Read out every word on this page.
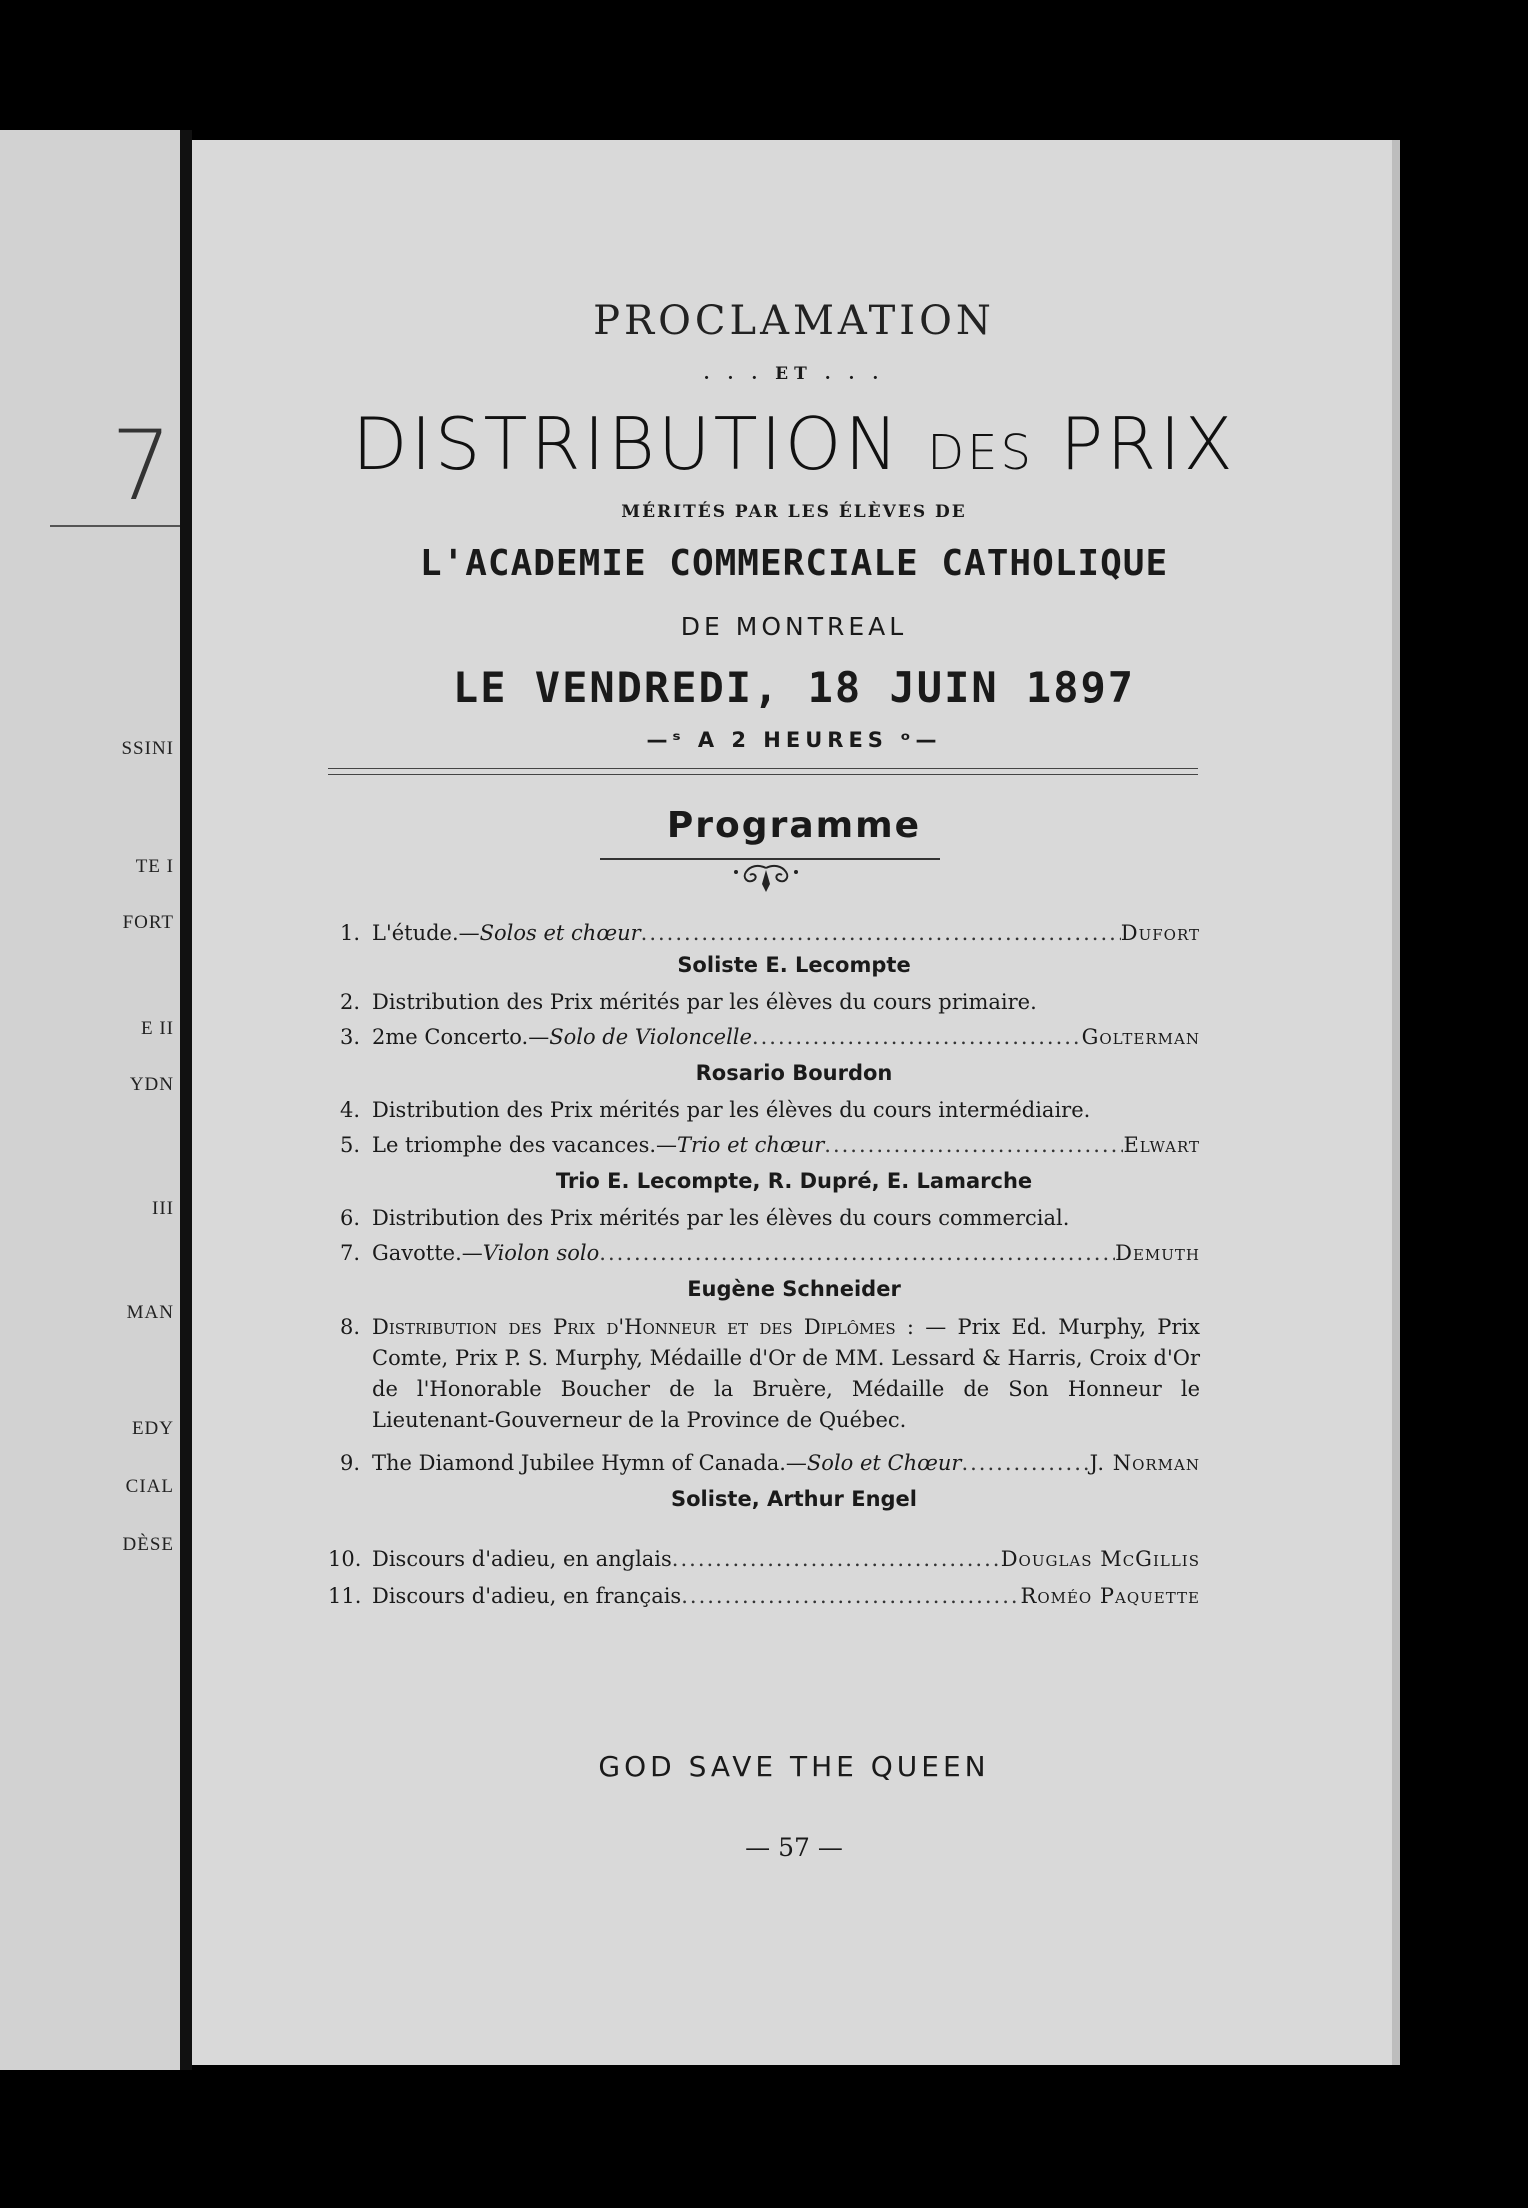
7
SSINI
TE I
FORT
E II
YDN
III
MAN
EDY
CIAL
DÈSE
PROCLAMATION
. . . ET . . .
DISTRIBUTION DES PRIX
MÉRITÉS PAR LES ÉLÈVES DE
L'ACADEMIE COMMERCIALE CATHOLIQUE
DE MONTREAL
LE VENDREDI, 18 JUIN 1897
—ˢ A 2 HEURES ᵒ—
Programme
1. L'étude.— Solos et chœur .....	Dufort
Soliste E. Lecompte
2. Distribution des Prix mérités par les élèves du cours primaire.
3. 2me Concerto.— Solo de Violoncelle .....	Golterman
Rosario Bourdon
4. Distribution des Prix mérités par les élèves du cours intermédiaire.
5. Le triomphe des vacances.— Trio et chœur .....	Elwart
Trio E. Lecompte, R. Dupré, E. Lamarche
6. Distribution des Prix mérités par les élèves du cours commercial.
7. Gavotte.— Violon solo .....	Demuth
Eugène Schneider
8. Distribution des Prix d'Honneur et des Diplômes : — Prix Ed. Murphy, Prix Comte, Prix P. S. Murphy, Médaille d'Or de MM. Lessard & Harris, Croix d'Or de l'Honorable Boucher de la Bruère, Médaille de Son Honneur le Lieutenant-Gouverneur de la Province de Québec.
9. The Diamond Jubilee Hymn of Canada.— Solo et Chœur .....	J. Norman
Soliste, Arthur Engel
10. Discours d'adieu, en anglais .....	Douglas McGillis
11. Discours d'adieu, en français .....	Roméo Paquette
GOD SAVE THE QUEEN
— 57 —
